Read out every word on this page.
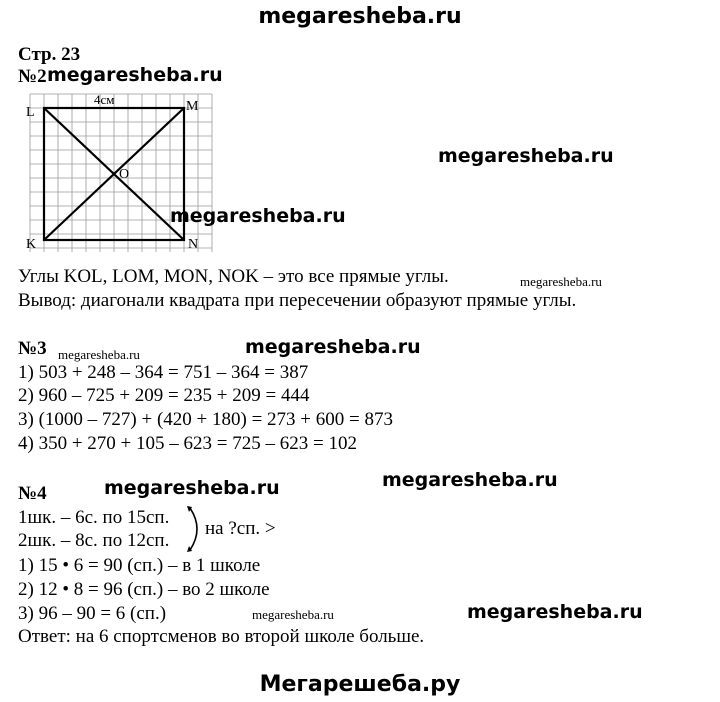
megaresheba.ru
Стр. 23
№2 megaresheba.ru
L	M
K	N
O
4см
Углы KOL, LOM, MON, NOK – это все прямые углы.
Вывод: диагонали квадрата при пересечении образуют прямые углы.
№3
1) 503 + 248 – 364 = 751 – 364 = 387
2) 960 – 725 + 209 = 235 + 209 = 444
3) (1000 – 727) + (420 + 180) = 273 + 600 = 873
4) 350 + 270 + 105 – 623 = 725 – 623 = 102
№4
1шк. – 6с. по 15сп.
2шк. – 8с. по 12сп.
на ?сп. >
1) 15 • 6 = 90 (сп.) – в 1 школе
2) 12 • 8 = 96 (сп.) – во 2 школе
3) 96 – 90 = 6 (сп.)
Ответ: на 6 спортсменов во второй школе больше.
megaresheba.ru
megaresheba.ru
megaresheba.ru
megaresheba.ru	megaresheba.ru
megaresheba.ru
megaresheba.ru
megaresheba.ru	megaresheba.ru
Мегарешеба.ру
